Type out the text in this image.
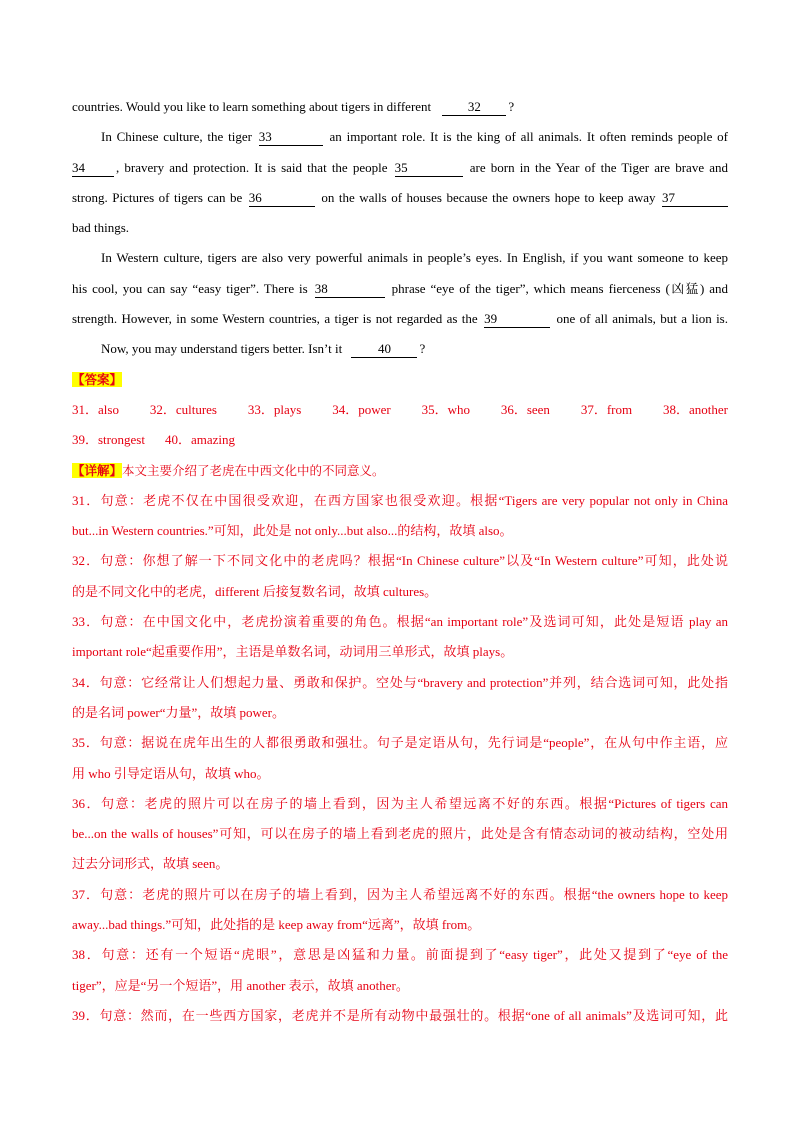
countries. Would you like to learn something about tigers in different	32 ?
In Chinese culture, the tiger 33	an important role. It is the king of all animals. It often reminds people of
34 , bravery and protection. It is said that the people 35	are born in the Year of the Tiger are brave and
strong. Pictures of tigers can be 36	on the walls of houses because the owners hope to keep away 37
bad things.
In Western culture, tigers are also very powerful animals in people’s eyes. In English, if you want someone to keep
his cool, you can say “easy tiger”. There is 38	phrase “eye of the tiger”, which means fierceness (凶猛) and
strength. However, in some Western countries, a tiger is not regarded as the 39	one of all animals, but a lion is.
Now, you may understand tigers better. Isn’t it	40 ?
【答案】
31．also 32．cultures 33．plays 34．power 35．who 36．seen 37．from 38．another
39．strongest 40．amazing
【详解】本文主要介绍了老虎在中西文化中的不同意义。
31．句意：老虎不仅在中国很受欢迎，在西方国家也很受欢迎。根据“Tigers are very popular not only in China
but...in Western countries.”可知，此处是 not only...but also...的结构，故填 also。
32．句意：你想了解一下不同文化中的老虎吗？根据“In Chinese culture”以及“In Western culture”可知，此处说
的是不同文化中的老虎，different 后接复数名词，故填 cultures。
33．句意：在中国文化中，老虎扮演着重要的角色。根据“an important role”及选词可知，此处是短语 play an
important role“起重要作用”，主语是单数名词，动词用三单形式，故填 plays。
34．句意：它经常让人们想起力量、勇敢和保护。空处与“bravery and protection”并列，结合选词可知，此处指
的是名词 power“力量”，故填 power。
35．句意：据说在虎年出生的人都很勇敢和强壮。句子是定语从句，先行词是“people”，在从句中作主语，应
用 who 引导定语从句，故填 who。
36．句意：老虎的照片可以在房子的墙上看到，因为主人希望远离不好的东西。根据“Pictures of tigers can
be...on the walls of houses”可知，可以在房子的墙上看到老虎的照片，此处是含有情态动词的被动结构，空处用
过去分词形式，故填 seen。
37．句意：老虎的照片可以在房子的墙上看到，因为主人希望远离不好的东西。根据“the owners hope to keep
away...bad things.”可知，此处指的是 keep away from“远离”，故填 from。
38．句意：还有一个短语“虎眼”，意思是凶猛和力量。前面提到了“easy tiger”，此处又提到了“eye of the
tiger”，应是“另一个短语”，用 another 表示，故填 another。
39．句意：然而，在一些西方国家，老虎并不是所有动物中最强壮的。根据“one of all animals”及选词可知，此
